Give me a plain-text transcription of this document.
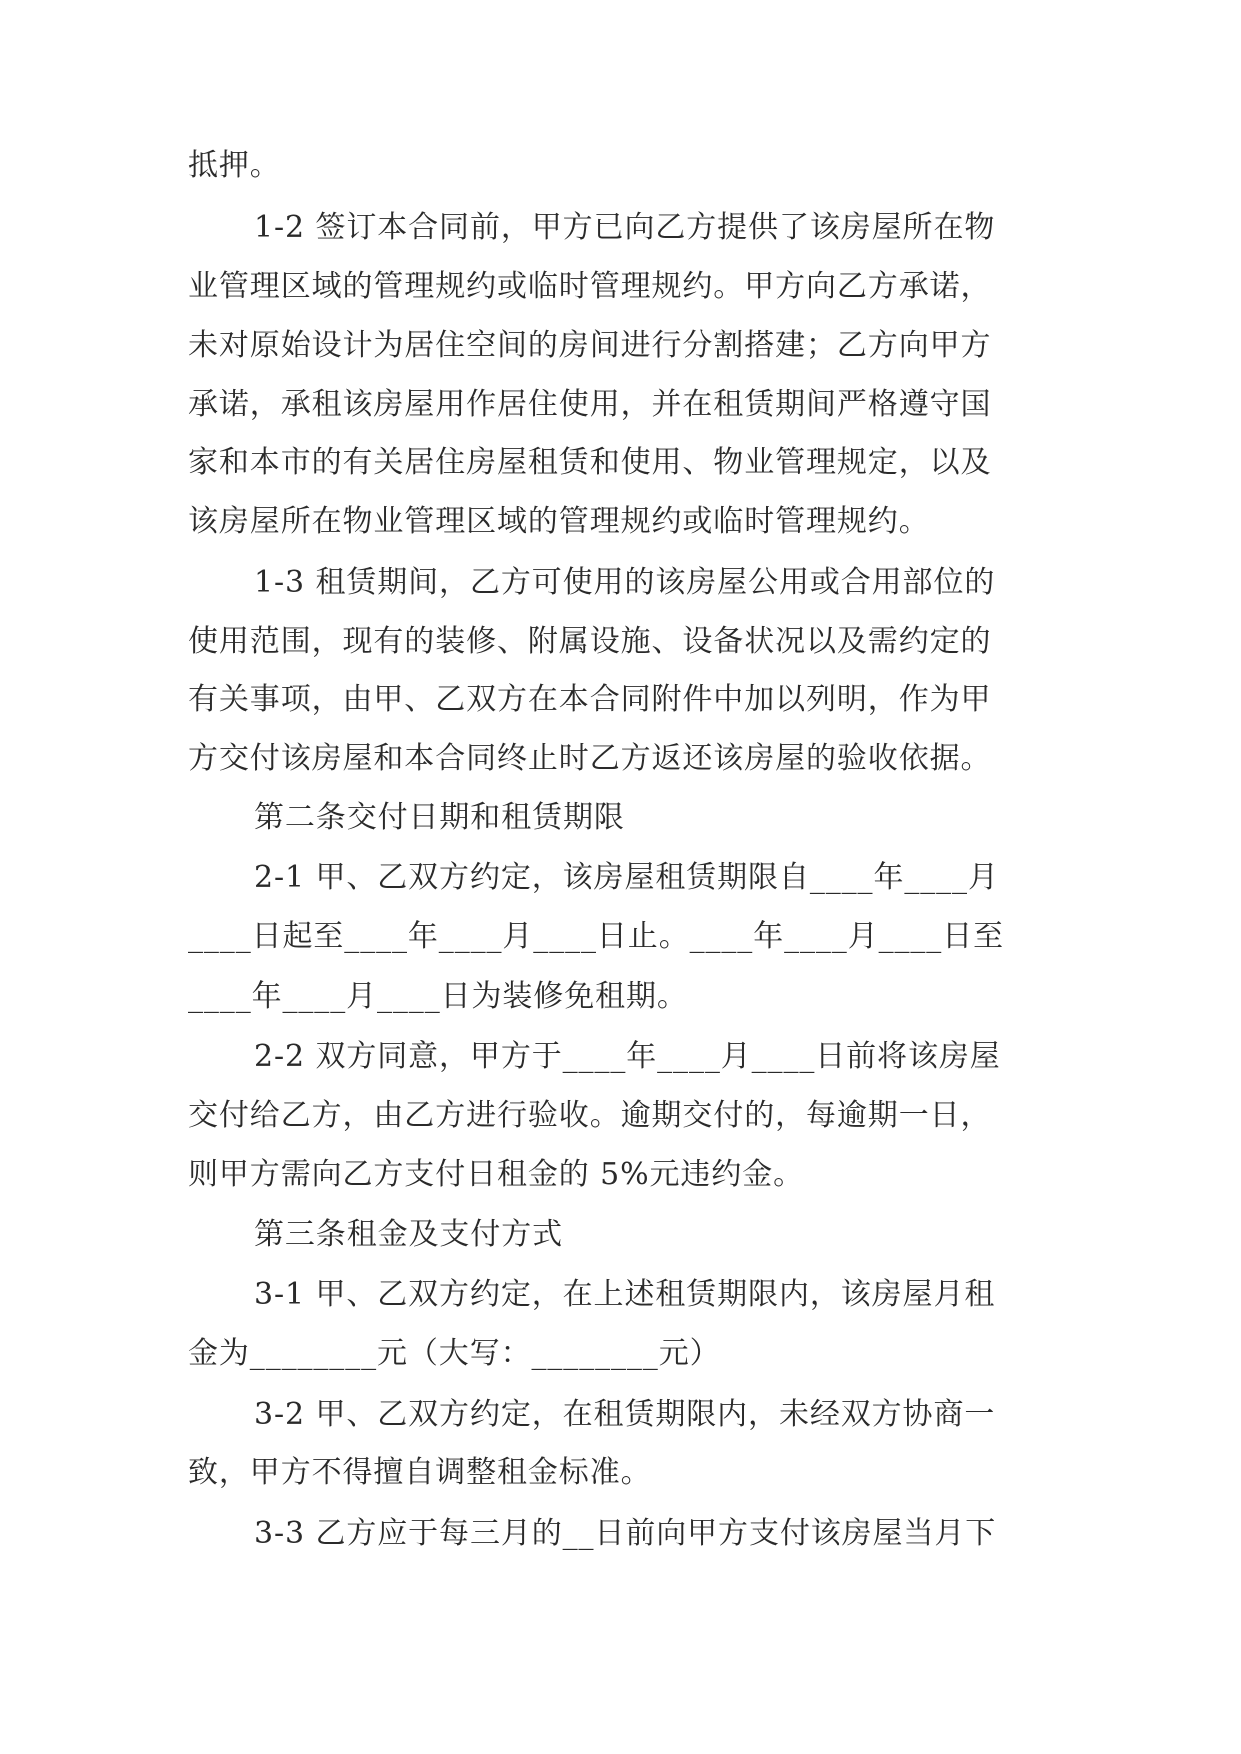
抵押。
1-2 签订本合同前，甲方已向乙方提供了该房屋所在物
业管理区域的管理规约或临时管理规约。甲方向乙方承诺，
未对原始设计为居住空间的房间进行分割搭建；乙方向甲方
承诺，承租该房屋用作居住使用，并在租赁期间严格遵守国
家和本市的有关居住房屋租赁和使用、物业管理规定，以及
该房屋所在物业管理区域的管理规约或临时管理规约。
1-3 租赁期间，乙方可使用的该房屋公用或合用部位的
使用范围，现有的装修、附属设施、设备状况以及需约定的
有关事项，由甲、乙双方在本合同附件中加以列明，作为甲
方交付该房屋和本合同终止时乙方返还该房屋的验收依据。
第二条交付日期和租赁期限
2-1 甲、乙双方约定，该房屋租赁期限自____年____月
____日起至____年____月____日止。____年____月____日至
____年____月____日为装修免租期。
2-2 双方同意，甲方于____年____月____日前将该房屋
交付给乙方，由乙方进行验收。逾期交付的，每逾期一日，
则甲方需向乙方支付日租金的 5%元违约金。
第三条租金及支付方式
3-1 甲、乙双方约定，在上述租赁期限内，该房屋月租
金为________元（大写：________元）
3-2 甲、乙双方约定，在租赁期限内，未经双方协商一
致，甲方不得擅自调整租金标准。
3-3 乙方应于每三月的__日前向甲方支付该房屋当月下
